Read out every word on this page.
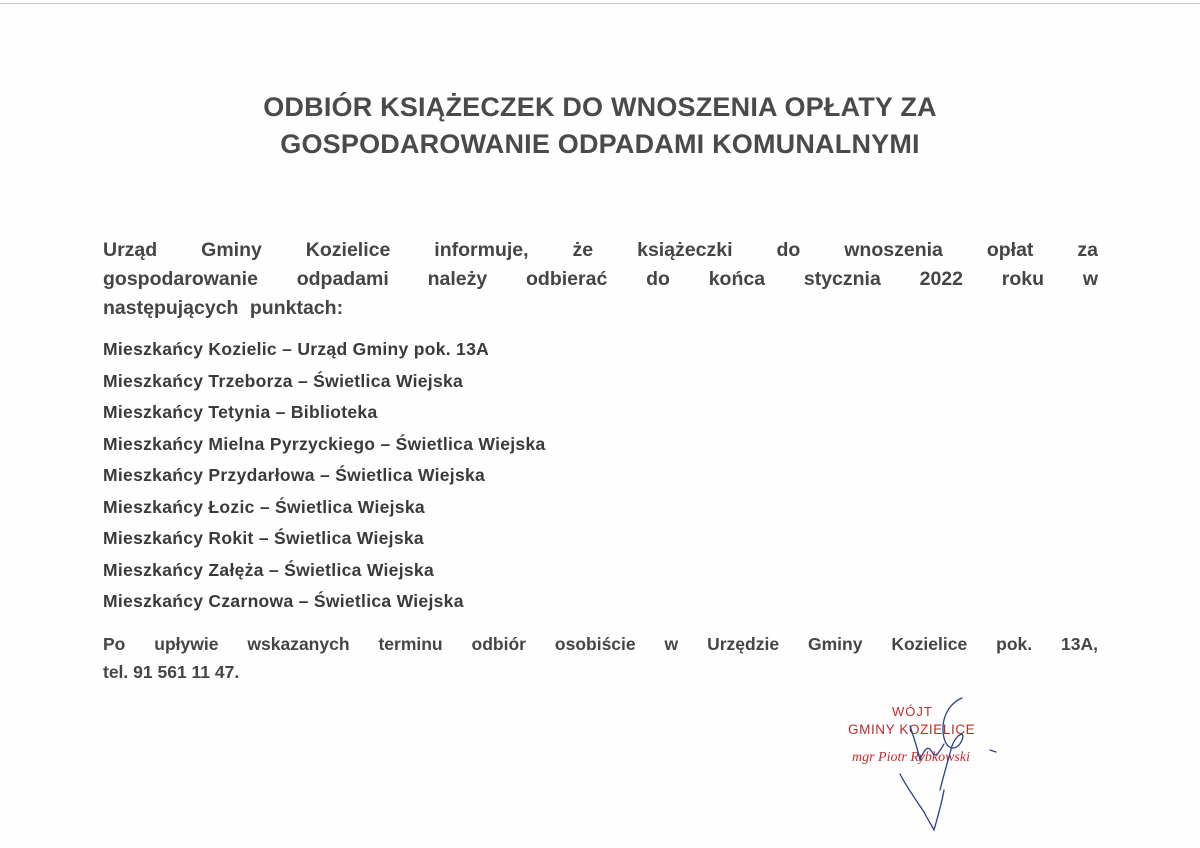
ODBIÓR KSIĄŻECZEK DO WNOSZENIA OPŁATY ZA
GOSPODAROWANIE ODPADAMI KOMUNALNYMI
Urząd Gminy Kozielice informuje, że książeczki do wnoszenia opłat za
gospodarowanie odpadami należy odbierać do końca stycznia 2022 roku w
następujących punktach:
Mieszkańcy Kozielic – Urząd Gminy pok. 13A
Mieszkańcy Trzeborza – Świetlica Wiejska
Mieszkańcy Tetynia – Biblioteka
Mieszkańcy Mielna Pyrzyckiego – Świetlica Wiejska
Mieszkańcy Przydarłowa – Świetlica Wiejska
Mieszkańcy Łozic – Świetlica Wiejska
Mieszkańcy Rokit – Świetlica Wiejska
Mieszkańcy Załęża – Świetlica Wiejska
Mieszkańcy Czarnowa – Świetlica Wiejska
Po upływie wskazanych terminu odbiór osobiście w Urzędzie Gminy Kozielice pok. 13A,
tel. 91 561 11 47.
WÓJT
GMINY KOZIELICE
mgr Piotr Rybkowski
